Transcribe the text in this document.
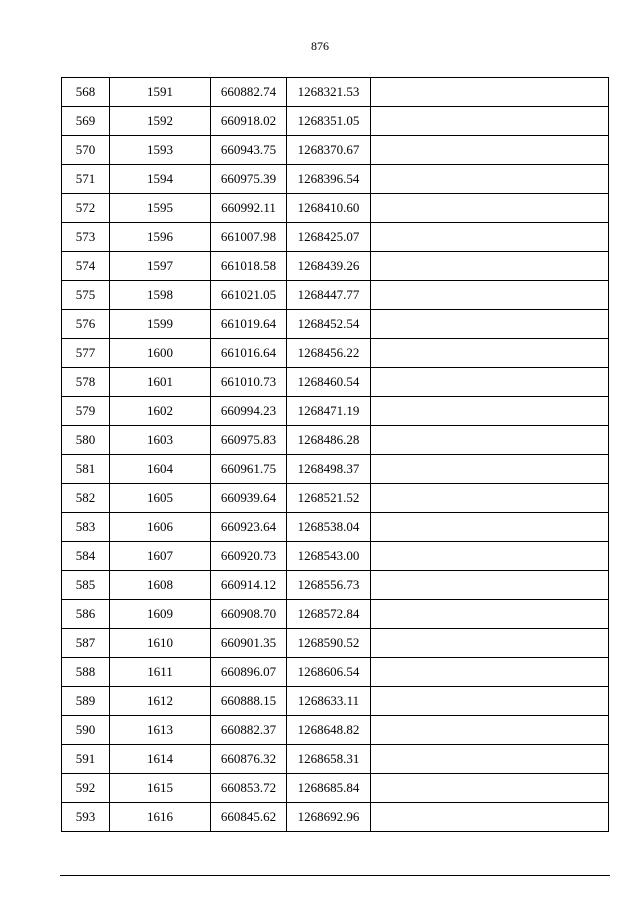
876
568	1591	660882.74	1268321.53	
569	1592	660918.02	1268351.05	
570	1593	660943.75	1268370.67	
571	1594	660975.39	1268396.54	
572	1595	660992.11	1268410.60	
573	1596	661007.98	1268425.07	
574	1597	661018.58	1268439.26	
575	1598	661021.05	1268447.77	
576	1599	661019.64	1268452.54	
577	1600	661016.64	1268456.22	
578	1601	661010.73	1268460.54	
579	1602	660994.23	1268471.19	
580	1603	660975.83	1268486.28	
581	1604	660961.75	1268498.37	
582	1605	660939.64	1268521.52	
583	1606	660923.64	1268538.04	
584	1607	660920.73	1268543.00	
585	1608	660914.12	1268556.73	
586	1609	660908.70	1268572.84	
587	1610	660901.35	1268590.52	
588	1611	660896.07	1268606.54	
589	1612	660888.15	1268633.11	
590	1613	660882.37	1268648.82	
591	1614	660876.32	1268658.31	
592	1615	660853.72	1268685.84	
593	1616	660845.62	1268692.96	
